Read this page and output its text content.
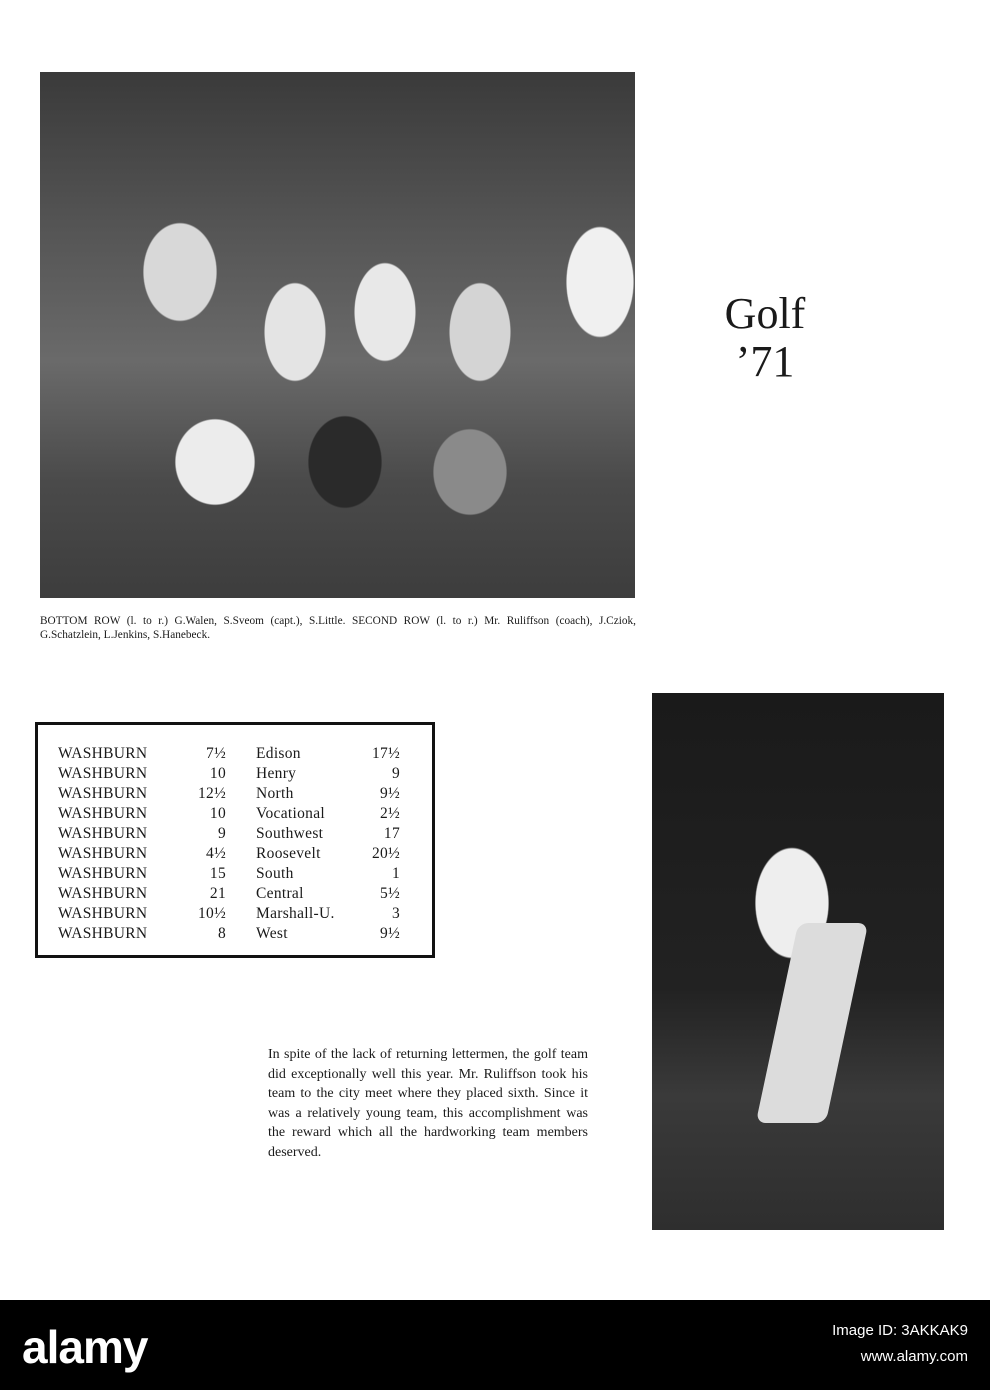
Golf
’71
BOTTOM ROW (l. to r.) G.Walen, S.Sveom (capt.), S.Little. SECOND ROW (l. to r.) Mr. Ruliffson (coach), J.Cziok, G.Schatzlein, L.Jenkins, S.Hanebeck.
WASHBURN	7½ Edison	17½
WASHBURN	10 Henry	9
WASHBURN	12½ North	9½
WASHBURN	10 Vocational	2½
WASHBURN	9 Southwest	17
WASHBURN	4½ Roosevelt	20½
WASHBURN	15 South	1
WASHBURN	21 Central	5½
WASHBURN	10½ Marshall-U.	3
WASHBURN	8 West	9½
In spite of the lack of returning lettermen, the golf team did exceptionally well this year. Mr. Ruliffson took his team to the city meet where they placed sixth. Since it was a relatively young team, this accomplishment was the reward which all the hardworking team members deserved.
alamy	Image ID: 3AKKAK9
www.alamy.com
